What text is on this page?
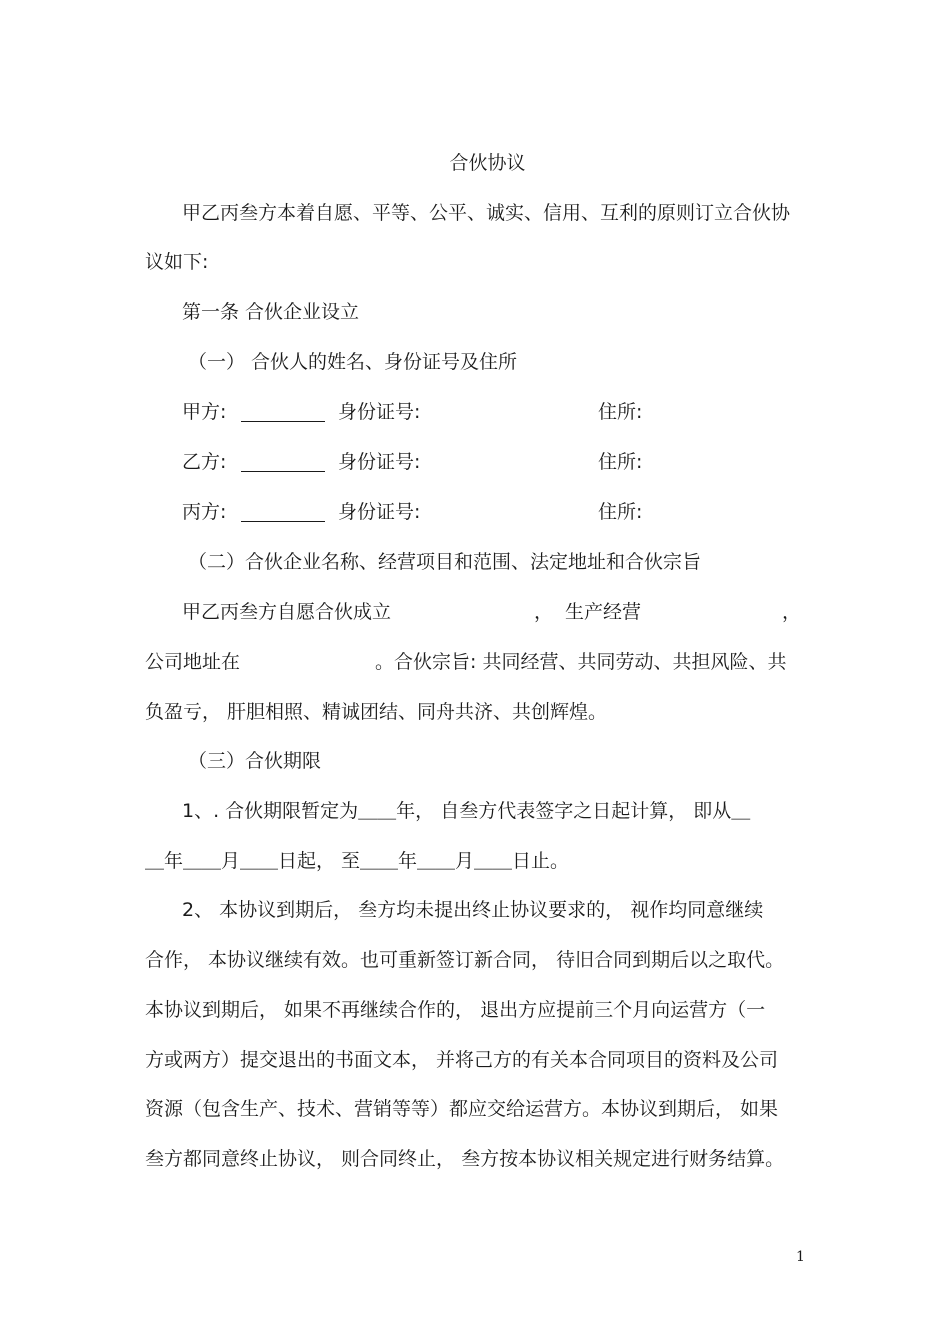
合伙协议
甲乙丙叁方本着自愿、平等、公平、诚实、信用、互利的原则订立合伙协
议如下:
第一条 合伙企业设立
（一） 合伙人的姓名、身份证号及住所
甲方:	身份证号:	住所:
乙方:	身份证号:	住所:
丙方:	身份证号:	住所:
（二）合伙企业名称、经营项目和范围、法定地址和合伙宗旨
甲乙丙叁方自愿合伙成立	， 生产经营	，
公司地址在	。合伙宗旨: 共同经营、共同劳动、共担风险、共
负盈亏， 肝胆相照、精诚团结、同舟共济、共创辉煌。
（三）合伙期限
1、. 合伙期限暂定为＿＿年， 自叁方代表签字之日起计算， 即从＿
＿年＿＿月＿＿日起， 至＿＿年＿＿月＿＿日止。
2、 本协议到期后， 叁方均未提出终止协议要求的， 视作均同意继续
合作， 本协议继续有效。也可重新签订新合同， 待旧合同到期后以之取代。
本协议到期后， 如果不再继续合作的， 退出方应提前三个月向运营方（一
方或两方）提交退出的书面文本， 并将己方的有关本合同项目的资料及公司
资源（包含生产、技术、营销等等）都应交给运营方。本协议到期后， 如果
叁方都同意终止协议， 则合同终止， 叁方按本协议相关规定进行财务结算。
1
